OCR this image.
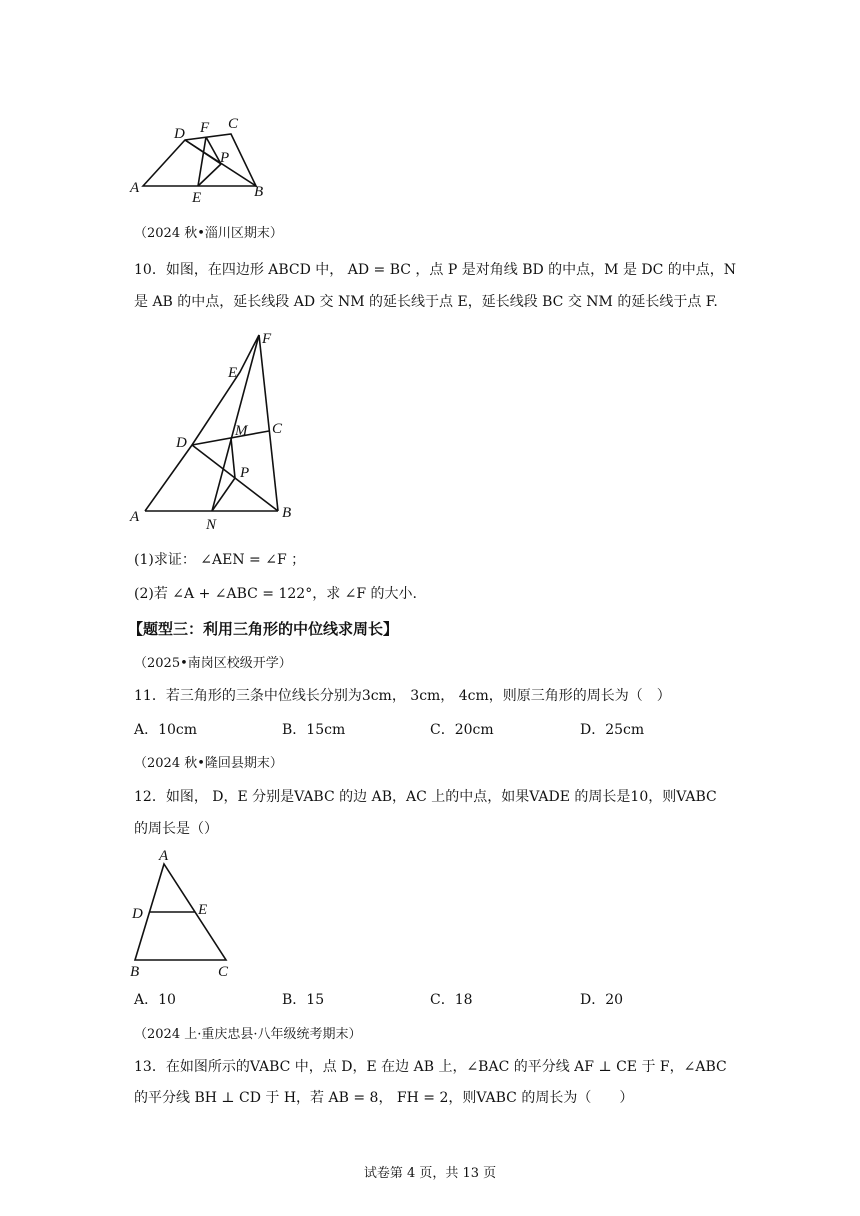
A	B
C
D
E
F
P
（2024 秋•淄川区期末）
10．如图，在四边形 ABCD 中， AD = BC ，点 P 是对角线 BD 的中点，M 是 DC 的中点，N
是 AB 的中点，延长线段 AD 交 NM 的延长线于点 E，延长线段 BC 交 NM 的延长线于点 F.
A	B
C
D
E
F
M
N
P
(1)求证： ∠AEN = ∠F ；
(2)若 ∠A + ∠ABC = 122°，求 ∠F 的大小.
【题型三：利用三角形的中位线求周长】
（2025•南岗区校级开学）
11．若三角形的三条中位线长分别为3cm， 3cm， 4cm，则原三角形的周长为（　）
A．10cm	B．15cm	C．20cm	D．25cm
（2024 秋•隆回县期末）
12．如图， D，E 分别是VABC 的边 AB，AC 上的中点，如果VADE 的周长是10，则VABC
的周长是（）
A
B	C
D	E
A．10	B．15	C．18	D．20
（2024 上·重庆忠县·八年级统考期末）
13．在如图所示的VABC 中，点 D，E 在边 AB 上，∠BAC 的平分线 AF ⊥ CE 于 F，∠ABC
的平分线 BH ⊥ CD 于 H，若 AB = 8， FH = 2，则VABC 的周长为（　　）
试卷第 4 页，共 13 页
